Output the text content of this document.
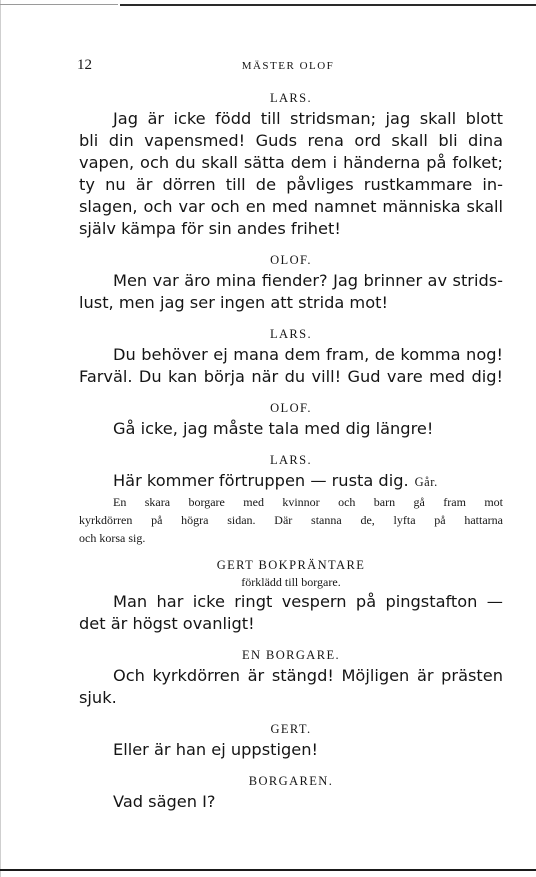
12	MÄSTER OLOF
LARS.
Jag är icke född till stridsman; jag skall blott
bli din vapensmed! Guds rena ord skall bli dina
vapen, och du skall sätta dem i händerna på folket;
ty nu är dörren till de påvliges rustkammare in-
slagen, och var och en med namnet människa skall
själv kämpa för sin andes frihet!
OLOF.
Men var äro mina fiender? Jag brinner av strids-
lust, men jag ser ingen att strida mot!
LARS.
Du behöver ej mana dem fram, de komma nog!
Farväl. Du kan börja när du vill! Gud vare med dig!
OLOF.
Gå icke, jag måste tala med dig längre!
LARS.
Här kommer förtruppen — rusta dig. Går.
En skara borgare med kvinnor och barn gå fram mot
kyrkdörren på högra sidan. Där stanna de, lyfta på hattarna
och korsa sig.
GERT BOKPRÄNTARE
förklädd till borgare.
Man har icke ringt vespern på pingstafton —
det är högst ovanligt!
EN BORGARE.
Och kyrkdörren är stängd! Möjligen är prästen
sjuk.
GERT.
Eller är han ej uppstigen!
BORGAREN.
Vad sägen I?
